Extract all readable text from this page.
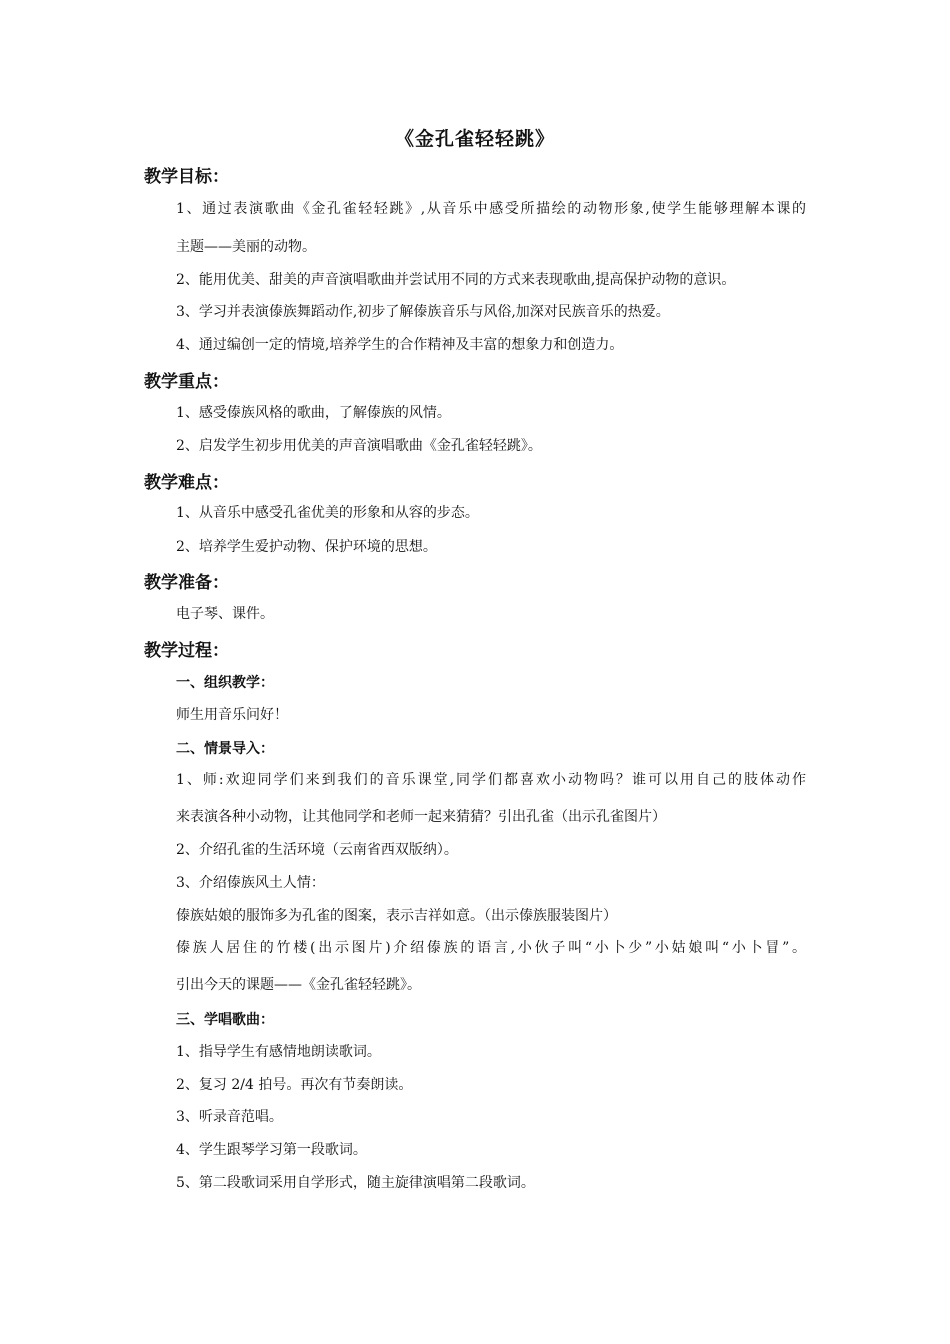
《金孔雀轻轻跳》
教学目标：
1、通过表演歌曲《金孔雀轻轻跳》,从音乐中感受所描绘的动物形象,使学生能够理解本课的
主题——美丽的动物。
2、能用优美、甜美的声音演唱歌曲并尝试用不同的方式来表现歌曲,提高保护动物的意识。
3、学习并表演傣族舞蹈动作,初步了解傣族音乐与风俗,加深对民族音乐的热爱。
4、通过编创一定的情境,培养学生的合作精神及丰富的想象力和创造力。
教学重点：
1、感受傣族风格的歌曲，了解傣族的风情。
2、启发学生初步用优美的声音演唱歌曲《金孔雀轻轻跳》。
教学难点：
1、从音乐中感受孔雀优美的形象和从容的步态。
2、培养学生爱护动物、保护环境的思想。
教学准备：
电子琴、课件。
教学过程：
一、组织教学：
师生用音乐问好！
二、情景导入：
1、师:欢迎同学们来到我们的音乐课堂,同学们都喜欢小动物吗？谁可以用自己的肢体动作
来表演各种小动物，让其他同学和老师一起来猜猜？引出孔雀（出示孔雀图片）
2、介绍孔雀的生活环境（云南省西双版纳）。
3、介绍傣族风土人情：
傣族姑娘的服饰多为孔雀的图案，表示吉祥如意。（出示傣族服装图片）
傣族人居住的竹楼(出示图片)介绍傣族的语言,小伙子叫“小卜少”小姑娘叫“小卜冒”。
引出今天的课题——《金孔雀轻轻跳》。
三、学唱歌曲：
1、指导学生有感情地朗读歌词。
2、复习 2/4 拍号。再次有节奏朗读。
3、听录音范唱。
4、学生跟琴学习第一段歌词。
5、第二段歌词采用自学形式，随主旋律演唱第二段歌词。
